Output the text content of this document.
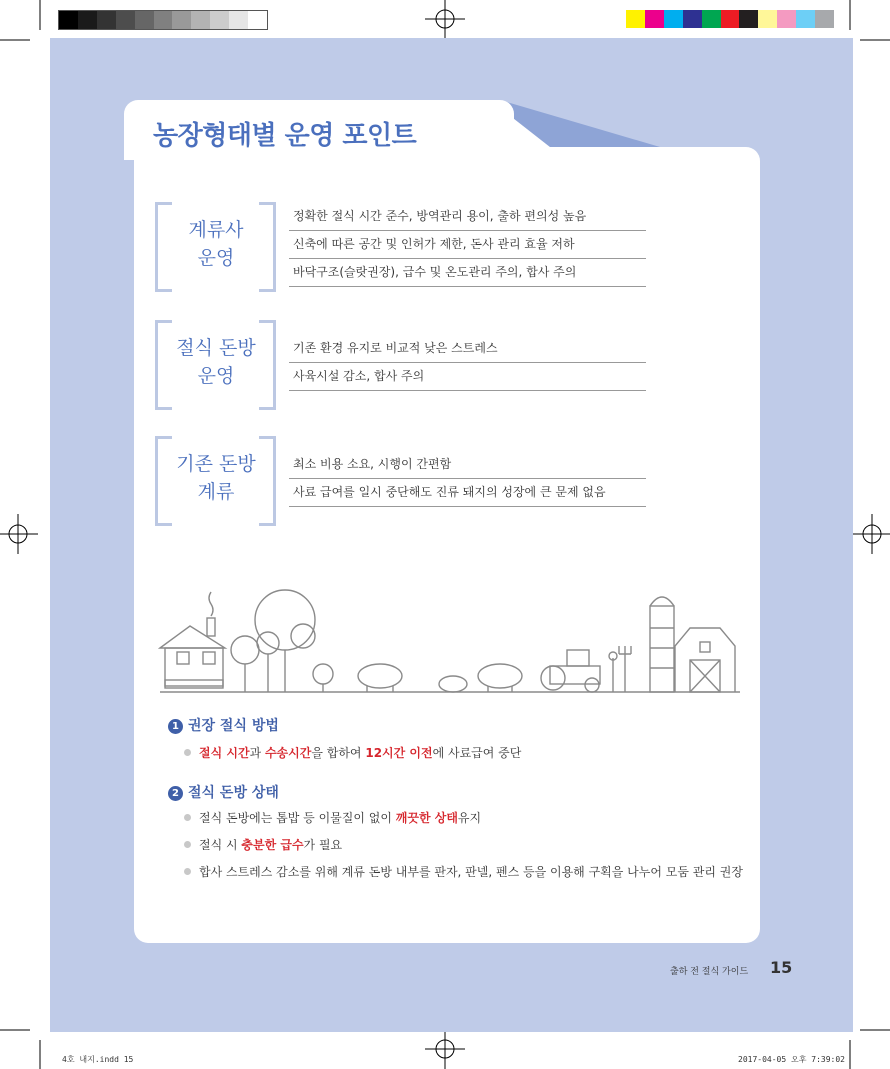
농장형태별 운영 포인트
계류사
운영
정확한 절식 시간 준수, 방역관리 용이, 출하 편의성 높음
신축에 따른 공간 및 인허가 제한, 돈사 관리 효율 저하
바닥구조(슬랏권장), 급수 및 온도관리 주의, 합사 주의
절식 돈방
운영
기존 환경 유지로 비교적 낮은 스트레스
사육시설 감소, 합사 주의
기존 돈방
계류
최소 비용 소요, 시행이 간편함
사료 급여를 일시 중단해도 진류 돼지의 성장에 큰 문제 없음
1 권장 절식 방법
절식 시간과 수송시간을 합하여 12시간 이전에 사료급여 중단
2 절식 돈방 상태
절식 돈방에는 톱밥 등 이물질이 없이 깨끗한 상태유지
절식 시 충분한 급수가 필요
합사 스트레스 감소를 위해 계류 돈방 내부를 판자, 판넬, 펜스 등을 이용해 구획을 나누어 모둠 관리 권장
출하 전 절식 가이드 15
4호 내지.indd 15	2017-04-05 오후 7:39:02
